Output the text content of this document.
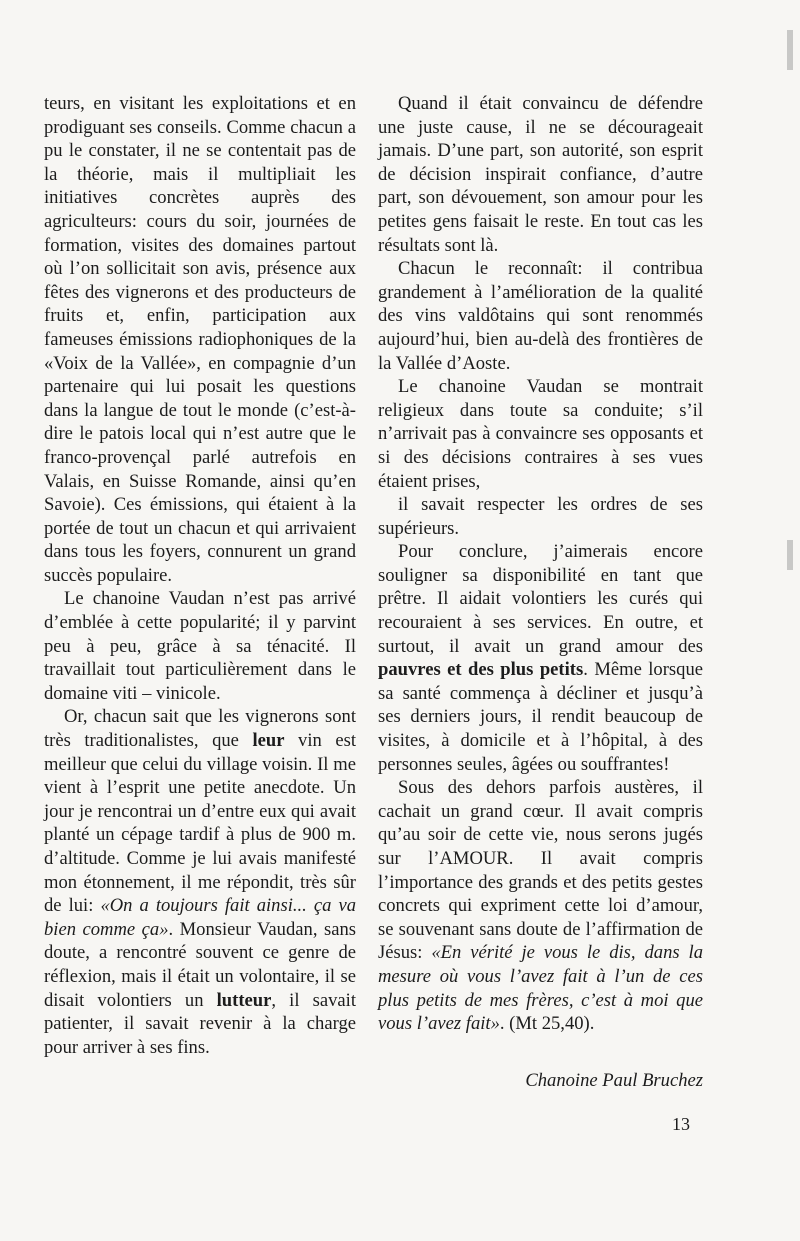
teurs, en visitant les exploitations et en prodiguant ses conseils. Comme chacun a pu le constater, il ne se contentait pas de la théorie, mais il multipliait les initiatives concrètes auprès des agriculteurs: cours du soir, journées de formation, visites des domaines partout où l’on sollicitait son avis, présence aux fêtes des vignerons et des producteurs de fruits et, enfin, participation aux fameuses émissions radiophoniques de la «Voix de la Vallée», en compagnie d’un partenaire qui lui posait les questions dans la langue de tout le monde (c’est-à-dire le patois local qui n’est autre que le franco-provençal parlé autrefois en Valais, en Suisse Romande, ainsi qu’en Savoie). Ces émissions, qui étaient à la portée de tout un chacun et qui arrivaient dans tous les foyers, connurent un grand succès populaire.

Le chanoine Vaudan n’est pas arrivé d’emblée à cette popularité; il y parvint peu à peu, grâce à sa ténacité. Il travaillait tout particulièrement dans le domaine viti – vinicole.

Or, chacun sait que les vignerons sont très traditionalistes, que leur vin est meilleur que celui du village voisin. Il me vient à l’esprit une petite anecdote. Un jour je rencontrai un d’entre eux qui avait planté un cépage tardif à plus de 900 m. d’altitude. Comme je lui avais manifesté mon étonnement, il me répondit, très sûr de lui: «On a toujours fait ainsi... ça va bien comme ça». Monsieur Vaudan, sans doute, a rencontré souvent ce genre de réflexion, mais il était un volontaire, il se disait volontiers un lutteur, il savait patienter, il savait revenir à la charge pour arriver à ses fins.

Quand il était convaincu de défendre une juste cause, il ne se décourageait jamais. D’une part, son autorité, son esprit de décision inspirait confiance, d’autre part, son dévouement, son amour pour les petites gens faisait le reste. En tout cas les résultats sont là.

Chacun le reconnaît: il contribua grandement à l’amélioration de la qualité des vins valdôtains qui sont renommés aujourd’hui, bien au-delà des frontières de la Vallée d’Aoste.

Le chanoine Vaudan se montrait religieux dans toute sa conduite; s’il n’arrivait pas à convaincre ses opposants et si des décisions contraires à ses vues étaient prises,

il savait respecter les ordres de ses supérieurs.

Pour conclure, j’aimerais encore souligner sa disponibilité en tant que prêtre. Il aidait volontiers les curés qui recouraient à ses services. En outre, et surtout, il avait un grand amour des pauvres et des plus petits. Même lorsque sa santé commença à décliner et jusqu’à ses derniers jours, il rendit beaucoup de visites, à domicile et à l’hôpital, à des personnes seules, âgées ou souffrantes!

Sous des dehors parfois austères, il cachait un grand cœur. Il avait compris qu’au soir de cette vie, nous serons jugés sur l’AMOUR. Il avait compris l’importance des grands et des petits gestes concrets qui expriment cette loi d’amour, se souvenant sans doute de l’affirmation de Jésus: «En vérité je vous le dis, dans la mesure où vous l’avez fait à l’un de ces plus petits de mes frères, c’est à moi que vous l’avez fait». (Mt 25,40).

Chanoine Paul Bruchez
13
